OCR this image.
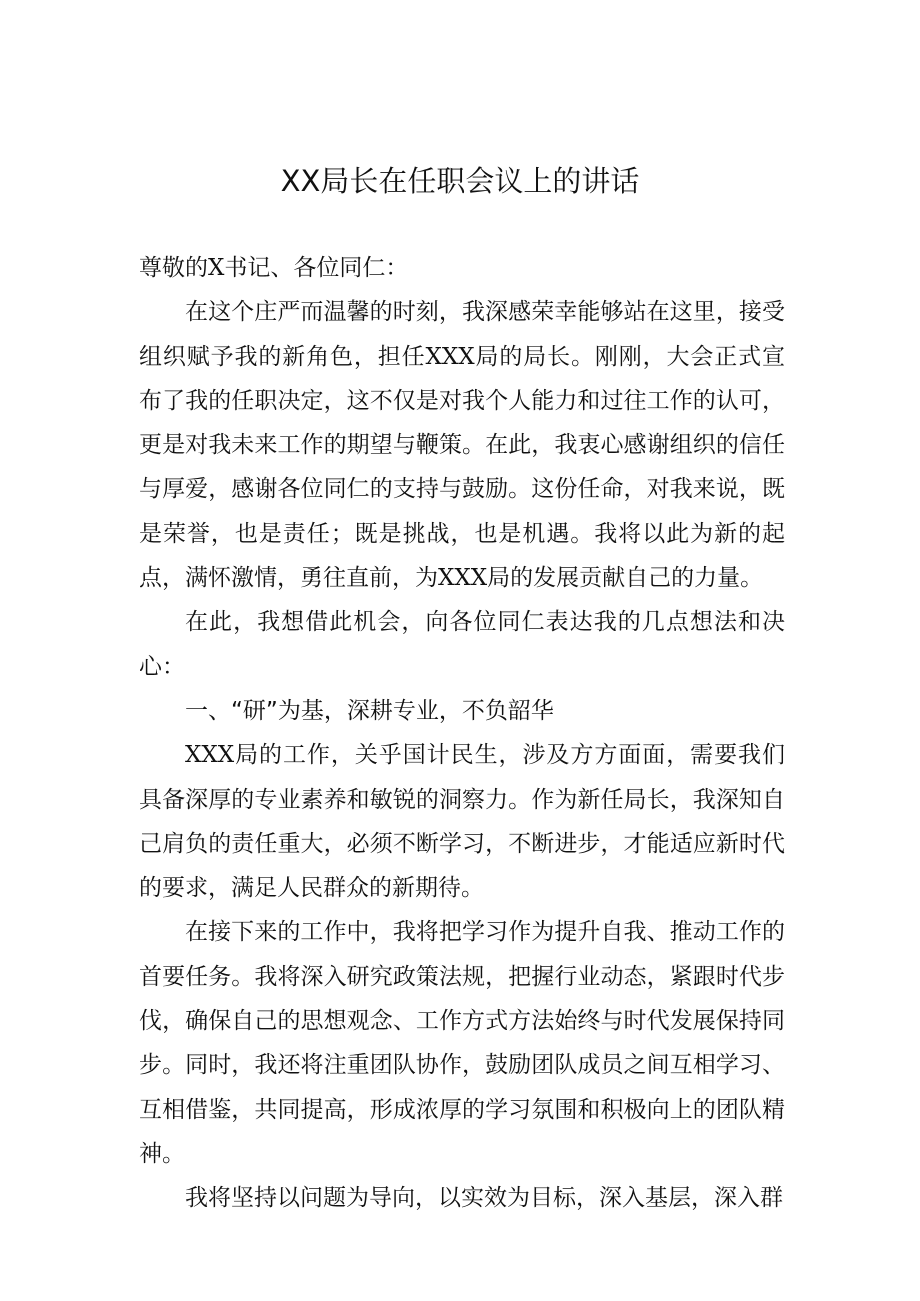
XX局长在任职会议上的讲话

尊敬的X书记、各位同仁：

在这个庄严而温馨的时刻，我深感荣幸能够站在这里，接受组织赋予我的新角色，担任XXX局的局长。刚刚，大会正式宣布了我的任职决定，这不仅是对我个人能力和过往工作的认可，更是对我未来工作的期望与鞭策。在此，我衷心感谢组织的信任与厚爱，感谢各位同仁的支持与鼓励。这份任命，对我来说，既是荣誉，也是责任；既是挑战，也是机遇。我将以此为新的起点，满怀激情，勇往直前，为XXX局的发展贡献自己的力量。

在此，我想借此机会，向各位同仁表达我的几点想法和决心：

一、“研”为基，深耕专业，不负韶华

XXX局的工作，关乎国计民生，涉及方方面面，需要我们具备深厚的专业素养和敏锐的洞察力。作为新任局长，我深知自己肩负的责任重大，必须不断学习，不断进步，才能适应新时代的要求，满足人民群众的新期待。

在接下来的工作中，我将把学习作为提升自我、推动工作的首要任务。我将深入研究政策法规，把握行业动态，紧跟时代步伐，确保自己的思想观念、工作方式方法始终与时代发展保持同步。同时，我还将注重团队协作，鼓励团队成员之间互相学习、互相借鉴，共同提高，形成浓厚的学习氛围和积极向上的团队精神。

我将坚持以问题为导向，以实效为目标，深入基层，深入群
